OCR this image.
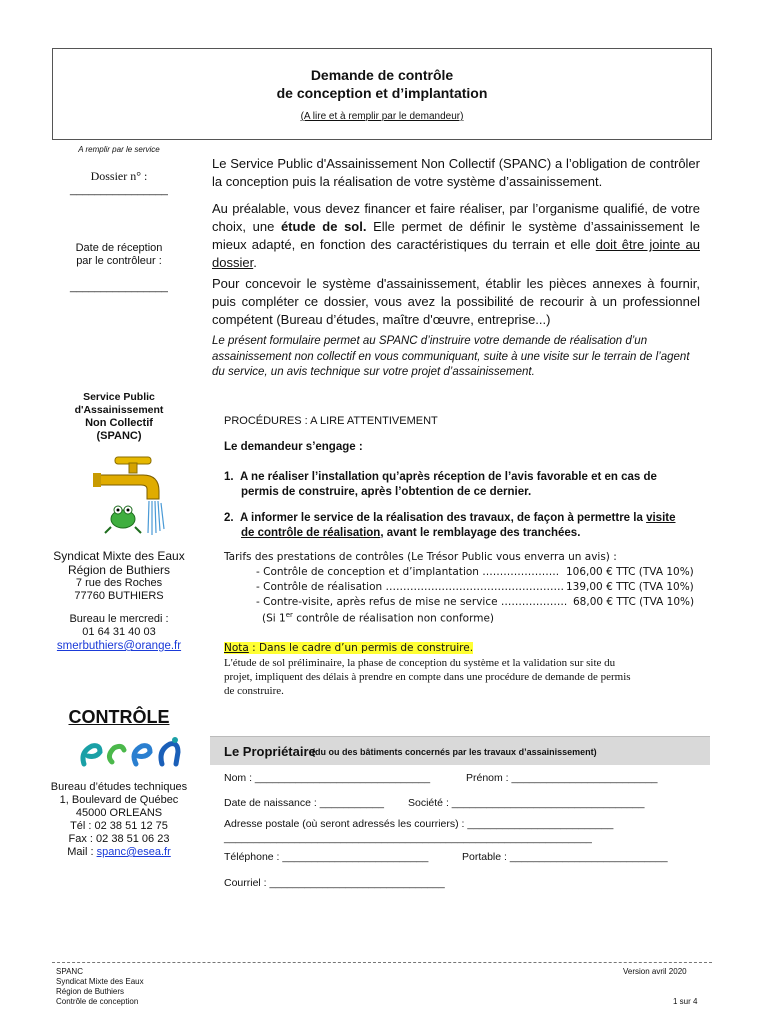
Demande de contrôle
de conception et d’implantation
(A lire et à remplir par le demandeur)
A remplir par le service
Dossier n° :
________________
Date de réception
par le contrôleur :
________________
Service Public
d'Assainissement
Non Collectif
(SPANC)
Syndicat Mixte des Eaux
Région de Buthiers
7 rue des Roches
77760 BUTHIERS
Bureau le mercredi :
01 64 31 40 03
smerbuthiers@orange.fr
CONTRÔLE
Bureau d’études techniques
1, Boulevard de Québec
45000 ORLEANS
Tél : 02 38 51 12 75
Fax : 02 38 51 06 23
Mail : spanc@esea.fr
Le Service Public d'Assainissement Non Collectif (SPANC) a l’obligation de contrôler la conception puis la réalisation de votre système d’assainissement.
Au préalable, vous devez financer et faire réaliser, par l’organisme qualifié, de votre choix, une étude de sol. Elle permet de définir le système d’assainissement le mieux adapté, en fonction des caractéristiques du terrain et elle doit être jointe au dossier.
Pour concevoir le système d'assainissement, établir les pièces annexes à fournir, puis compléter ce dossier, vous avez la possibilité de recourir à un professionnel compétent (Bureau d’études, maître d'œuvre, entreprise...)
Le présent formulaire permet au SPANC d’instruire votre demande de réalisation d’un assainissement non collectif en vous communiquant, suite à une visite sur le terrain de l’agent du service, un avis technique sur votre projet d’assainissement.
PROCÉDURES : A LIRE ATTENTIVEMENT
Le demandeur s’engage :
1. A ne réaliser l’installation qu’après réception de l’avis favorable et en cas de
permis de construire, après l’obtention de ce dernier.
2. A informer le service de la réalisation des travaux, de façon à permettre la visite
de contrôle de réalisation, avant le remblayage des tranchées.
Tarifs des prestations de contrôles (Le Trésor Public vous enverra un avis) :
- Contrôle de conception et d’implantation …………………. 106,00 € TTC (TVA 10%)
- Contrôle de réalisation …………………………………………… 139,00 € TTC (TVA 10%)
- Contre-visite, après refus de mise ne service ………………. 68,00 € TTC (TVA 10%)
(Si 1er contrôle de réalisation non conforme)
Nota : Dans le cadre d’un permis de construire.
L'étude de sol préliminaire, la phase de conception du système et la validation sur site du
projet, impliquent des délais à prendre en compte dans une procédure de demande de permis
de construire.
Le Propriétaire
(du ou des bâtiments concernés par les travaux d’assainissement)
Nom : ______________________________	Prénom : _________________________
Date de naissance : ___________ Société : _________________________________
Adresse postale (où seront adressés les courriers) : _________________________
_______________________________________________________________
Téléphone : _________________________	Portable : ___________________________
Courriel : ______________________________
SPANC
Syndicat Mixte des Eaux
Région de Buthiers
Contrôle de conception
Version avril 2020
1 sur 4
